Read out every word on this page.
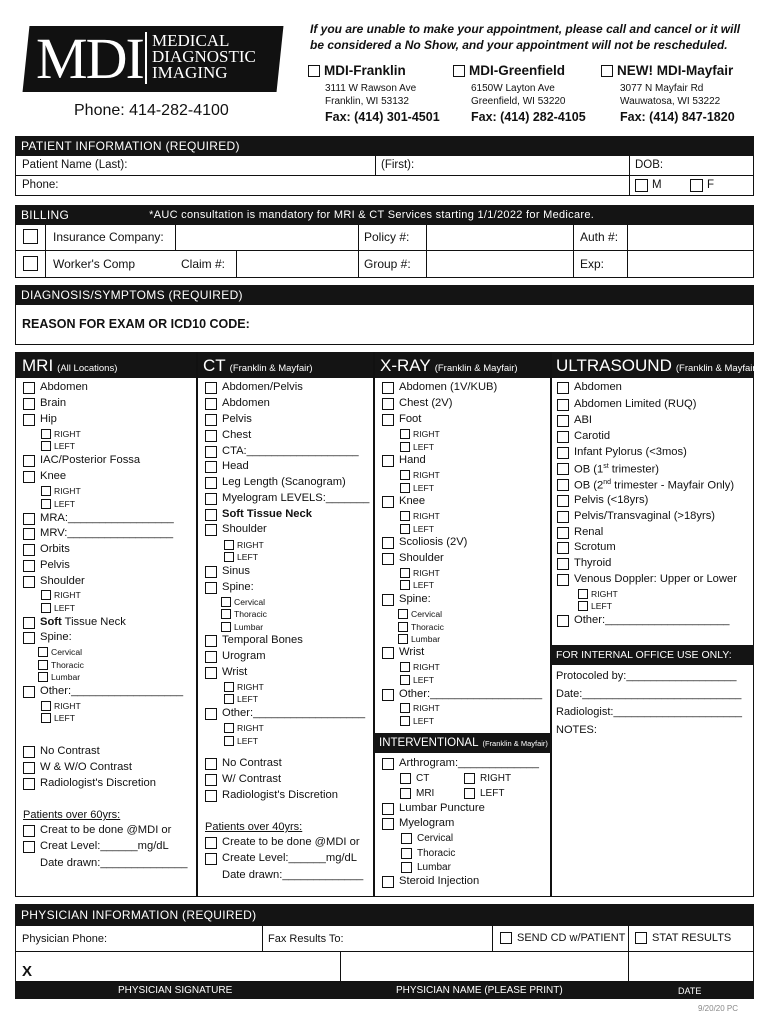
MDI MEDICAL
DIAGNOSTIC
IMAGING
Phone: 414-282-4100
If you are unable to make your appointment, please call and cancel or it will be considered a No Show, and your appointment will not be rescheduled.
MDI-Franklin
3111 W Rawson Ave
Franklin, WI 53132
Fax: (414) 301-4501
MDI-Greenfield
6150W Layton Ave
Greenfield, WI 53220
Fax: (414) 282-4105
NEW! MDI-Mayfair
3077 N Mayfair Rd
Wauwatosa, WI 53222
Fax: (414) 847-1820
PATIENT INFORMATION (REQUIRED)
Patient Name (Last):	(First):	DOB:
Phone:	M	F
BILLING	*AUC consultation is mandatory for MRI & CT Services starting 1/1/2022 for Medicare.
Insurance Company:	Policy #:	Auth #:
Worker's Comp	Claim #:	Group #:	Exp:
DIAGNOSIS/SYMPTOMS (REQUIRED)
REASON FOR EXAM OR ICD10 CODE:
MRI (All Locations)	CT (Franklin & Mayfair)	X-RAY (Franklin & Mayfair) ULTRASOUND (Franklin & Mayfair)
Abdomen
Brain
Hip
RIGHT
LEFT
IAC/Posterior Fossa
Knee
RIGHT
LEFT
MRA:_________________
MRV:_________________
Orbits
Pelvis
Shoulder
RIGHT
LEFT
Soft Tissue Neck
Spine:
Cervical
Thoracic
Lumbar
Other:__________________
RIGHT
LEFT
No Contrast
W & W/O Contrast
Radiologist's Discretion
Patients over 60yrs:
Creat to be done @MDI or
Creat Level:______mg/dL
Date drawn:______________
Abdomen/Pelvis
Abdomen
Pelvis
Chest
CTA:__________________
Head
Leg Length (Scanogram)
Myelogram LEVELS:_______
Soft Tissue Neck
Shoulder
RIGHT
LEFT
Sinus
Spine:
Cervical
Thoracic
Lumbar
Temporal Bones
Urogram
Wrist
RIGHT
LEFT
Other:__________________
RIGHT
LEFT
No Contrast
W/ Contrast
Radiologist's Discretion
Patients over 40yrs:
Create to be done @MDI or
Create Level:______mg/dL
Date drawn:_____________
Abdomen (1V/KUB)
Chest (2V)
Foot
RIGHT
LEFT
Hand
RIGHT
LEFT
Knee
RIGHT
LEFT
Scoliosis (2V)
Shoulder
RIGHT
LEFT
Spine:
Cervical
Thoracic
Lumbar
Wrist
RIGHT
LEFT
Other:__________________
RIGHT
LEFT
INTERVENTIONAL (Franklin & Mayfair)
Arthrogram:_____________
CT	RIGHT
MRI	LEFT
Lumbar Puncture
Myelogram
Cervical
Thoracic
Lumbar
Steroid Injection
Abdomen
Abdomen Limited (RUQ)
ABI
Carotid
Infant Pylorus (<3mos)
OB (1st trimester)
OB (2nd trimester - Mayfair Only)
Pelvis (<18yrs)
Pelvis/Transvaginal (>18yrs)
Renal
Scrotum
Thyroid
Venous Doppler: Upper or Lower
RIGHT
LEFT
Other:____________________
FOR INTERNAL OFFICE USE ONLY:
Protocoled by:__________________
Date:__________________________
Radiologist:_____________________
NOTES:
PHYSICIAN INFORMATION (REQUIRED)
Physician Phone:	Fax Results To:	SEND CD w/PATIENT STAT RESULTS
X
PHYSICIAN SIGNATURE	PHYSICIAN NAME (PLEASE PRINT)	DATE
9/20/20 PC
